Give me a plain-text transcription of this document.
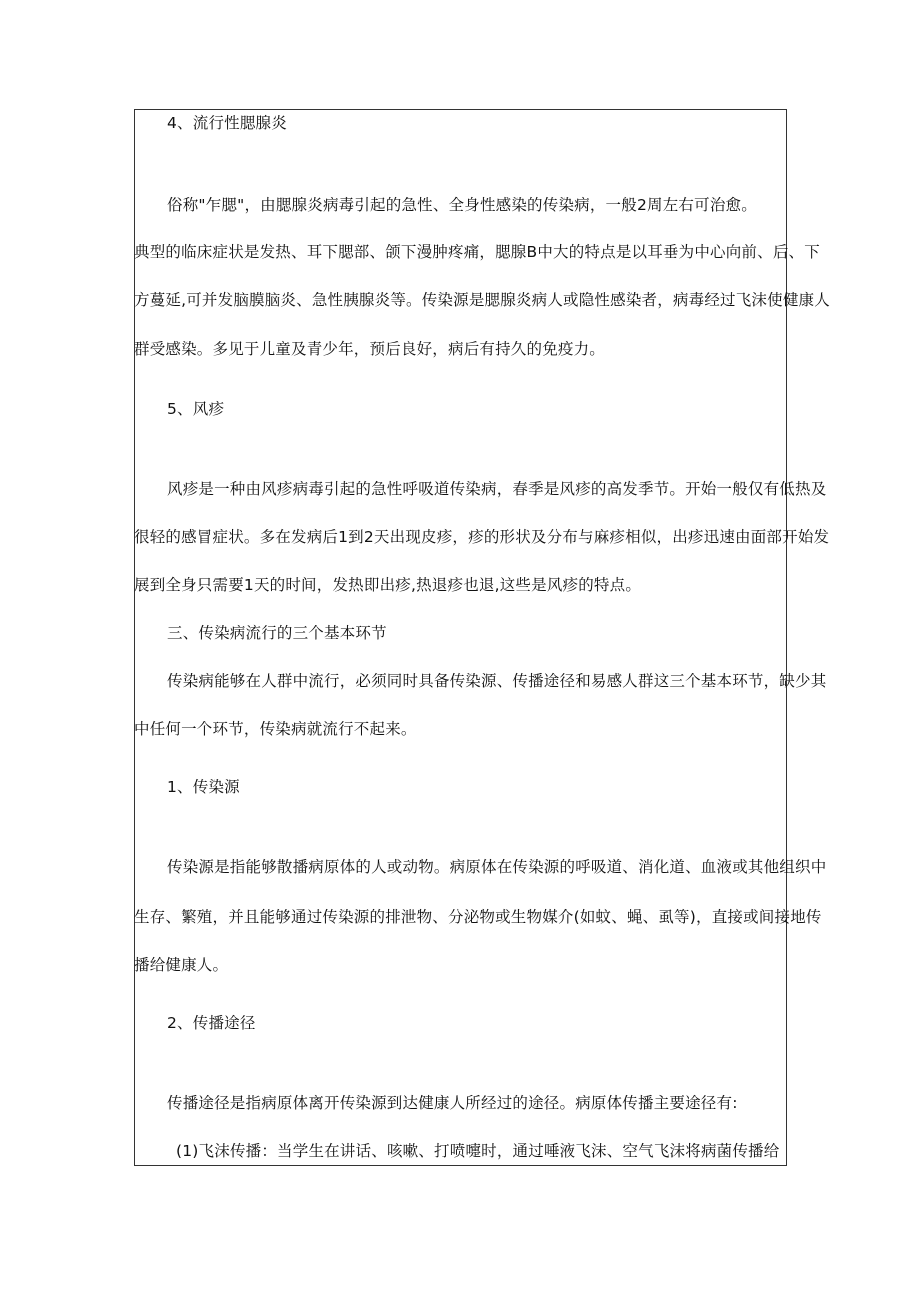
4、流行性腮腺炎

俗称"乍腮"，由腮腺炎病毒引起的急性、全身性感染的传染病，一般2周左右可治愈。

典型的临床症状是发热、耳下腮部、颌下漫肿疼痛，腮腺B中大的特点是以耳垂为中心向前、后、下

方蔓延,可并发脑膜脑炎、急性胰腺炎等。传染源是腮腺炎病人或隐性感染者，病毒经过飞沫使健康人

群受感染。多见于儿童及青少年，预后良好，病后有持久的免疫力。

5、风疹

风疹是一种由风疹病毒引起的急性呼吸道传染病，春季是风疹的高发季节。开始一般仅有低热及

很轻的感冒症状。多在发病后1到2天出现皮疹，疹的形状及分布与麻疹相似，出疹迅速由面部开始发

展到全身只需要1天的时间，发热即出疹,热退疹也退,这些是风疹的特点。

三、传染病流行的三个基本环节

传染病能够在人群中流行，必须同时具备传染源、传播途径和易感人群这三个基本环节，缺少其

中任何一个环节，传染病就流行不起来。

1、传染源

传染源是指能够散播病原体的人或动物。病原体在传染源的呼吸道、消化道、血液或其他组织中

生存、繁殖，并且能够通过传染源的排泄物、分泌物或生物媒介(如蚊、蝇、虱等)，直接或间接地传

播给健康人。

2、传播途径

传播途径是指病原体离开传染源到达健康人所经过的途径。病原体传播主要途径有:

(1)飞沫传播：当学生在讲话、咳嗽、打喷嚏时，通过唾液飞沫、空气飞沫将病菌传播给
